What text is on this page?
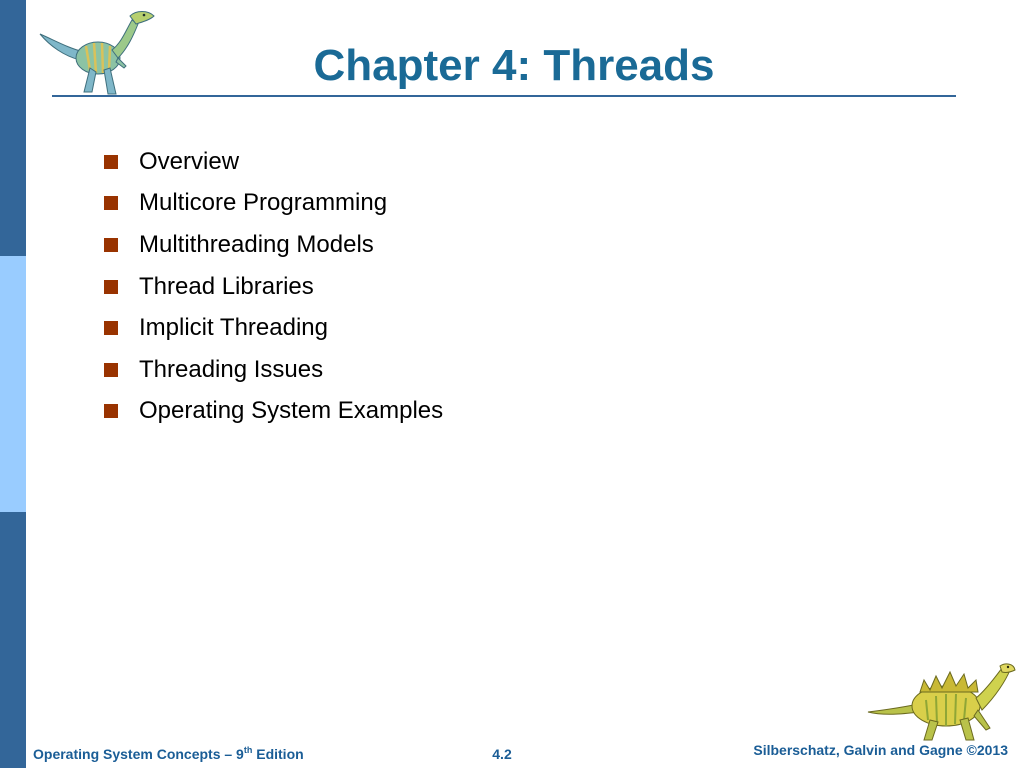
Chapter 4: Threads
Overview
Multicore Programming
Multithreading Models
Thread Libraries
Implicit Threading
Threading Issues
Operating System Examples
Operating System Concepts – 9th Edition	4.2	Silberschatz, Galvin and Gagne ©2013
